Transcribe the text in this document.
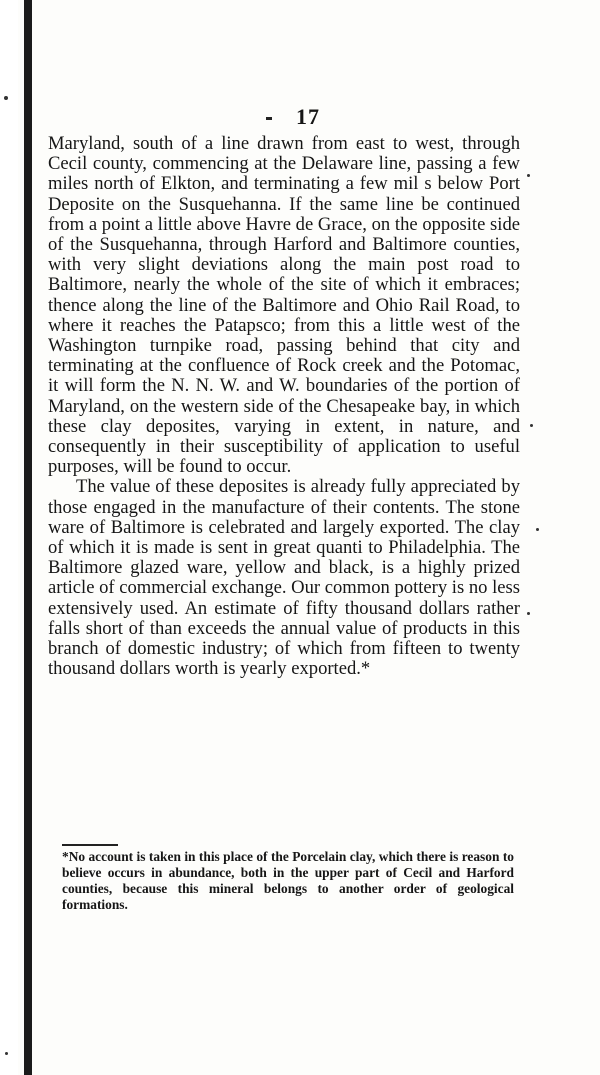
17

Maryland, south of a line drawn from east to west, through Cecil county, commencing at the Delaware line, passing a few miles north of Elkton, and terminating a few mil s below Port Deposite on the Susquehanna. If the same line be continued from a point a little above Havre de Grace, on the opposite side of the Susquehanna, through Harford and Baltimore counties, with very slight deviations along the main post road to Baltimore, nearly the whole of the site of which it embraces; thence along the line of the Baltimore and Ohio Rail Road, to where it reaches the Patapsco; from this a little west of the Washington turnpike road, passing behind that city and terminating at the confluence of Rock creek and the Potomac, it will form the N. N. W. and W. boundaries of the portion of Maryland, on the western side of the Chesapeake bay, in which these clay deposites, varying in extent, in nature, and consequently in their susceptibility of application to useful purposes, will be found to occur.

The value of these deposites is already fully appreciated by those engaged in the manufacture of their contents. The stone ware of Baltimore is celebrated and largely exported. The clay of which it is made is sent in great quanti to Philadelphia. The Baltimore glazed ware, yellow and black, is a highly prized article of commercial exchange. Our common pottery is no less extensively used. An estimate of fifty thousand dollars rather falls short of than exceeds the annual value of products in this branch of domestic industry; of which from fifteen to twenty thousand dollars worth is yearly exported.*

*No account is taken in this place of the Porcelain clay, which there is reason to believe occurs in abundance, both in the upper part of Cecil and Harford counties, because this mineral belongs to another order of geological formations.
